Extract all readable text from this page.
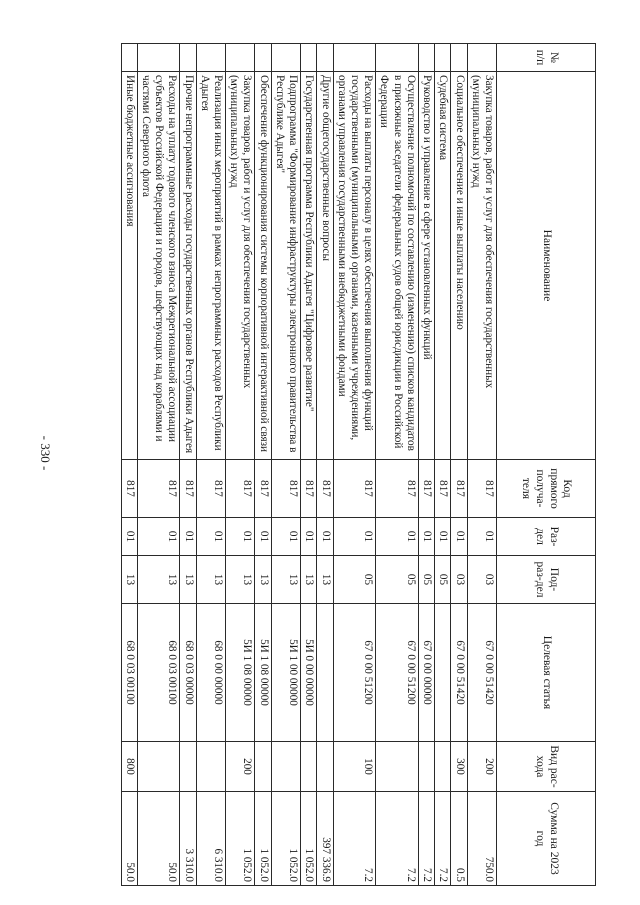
- 330 -
№ п/п	Наименование	Код прямого получа-теля	Раз-дел	Под-раз-дел	Целевая статья	Вид рас-хода	Сумма на 2023 год
	Закупка товаров, работ и услуг для обеспечения государственных (муниципальных) нужд	817	01	03	67 0 00 51420	200	750.0
	Социальное обеспечение и иные выплаты населению	817	01	03	67 0 00 51420	300	0.5
	Судебная система	817	01	05			7.2
	Руководство и управление в сфере установленных функций	817	01	05	67 0 00 00000		7.2
	Осуществление полномочий по составлению (изменению) списков кандидатов в присяжные заседатели федеральных судов общей юрисдикции в Российской Федерации	817	01	05	67 0 00 51200		7.2
	Расходы на выплаты персоналу в целях обеспечения выполнения функций государственными (муниципальными) органами, казенными учреждениями, органами управления государственными внебюджетными фондами	817	01	05	67 0 00 51200	100	7.2
	Другие общегосударственные вопросы	817	01	13			397 336.9
	Государственная программа Республики Адыгея "Цифровое развитие"	817	01	13	5И 0 00 00000		1 052.0
	Подпрограмма "Формирование инфраструктуры электронного правительства в Республике Адыгея"	817	01	13	5И 1 00 00000		1 052.0
	Обеспечение функционирования системы корпоративной интерактивной связи	817	01	13	5И 1 08 00000		1 052.0
	Закупка товаров, работ и услуг для обеспечения государственных (муниципальных) нужд	817	01	13	5И 1 08 00000	200	1 052.0
	Реализация иных мероприятий в рамках непрограммных расходов Республики Адыгея	817	01	13	68 0 00 00000		6 310.0
	Прочие непрограммные расходы государственных органов Республики Адыгея	817	01	13	68 0 03 00000		3 310.0
	Расходы на уплату годового членского взноса Межрегиональной ассоциации субъектов Российской Федерации и городов, шефствующих над кораблями и частями Северного флота	817	01	13	68 0 03 00100		50.0
	Иные бюджетные ассигнования	817	01	13	68 0 03 00100	800	50.0
